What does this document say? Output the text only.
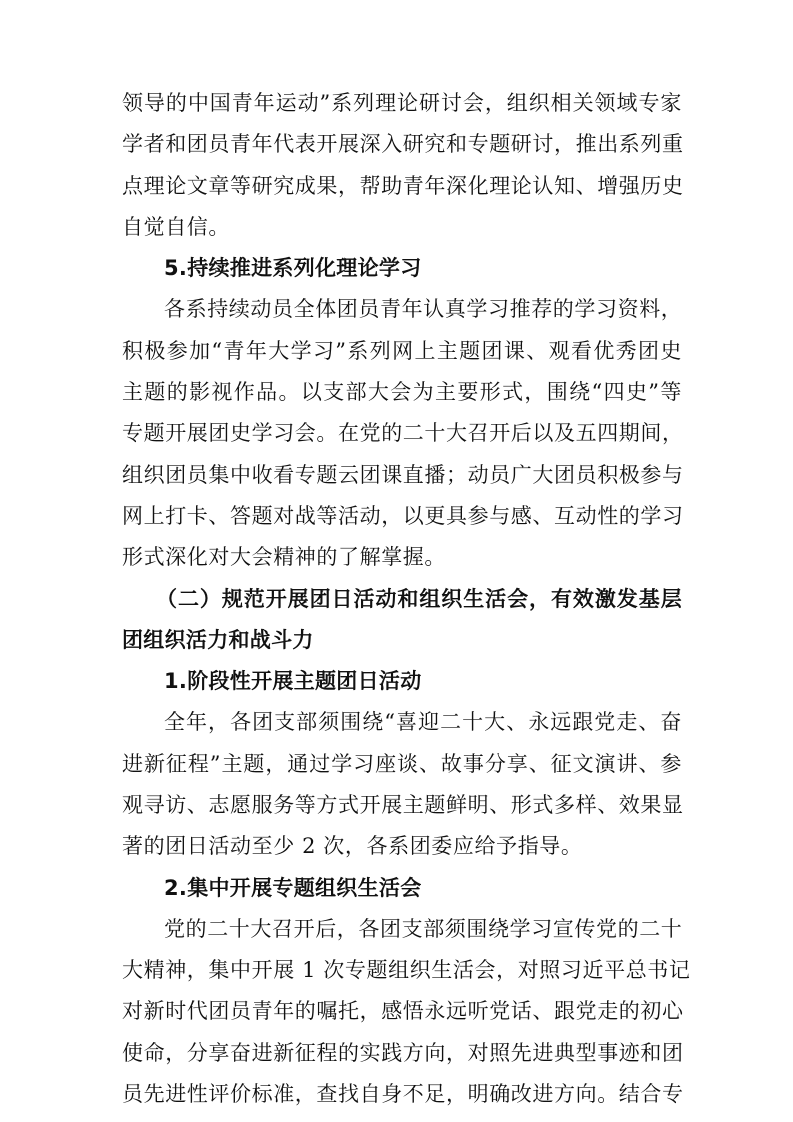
领导的中国青年运动”系列理论研讨会，组织相关领域专家
学者和团员青年代表开展深入研究和专题研讨，推出系列重
点理论文章等研究成果，帮助青年深化理论认知、增强历史
自觉自信。
5.持续推进系列化理论学习
各系持续动员全体团员青年认真学习推荐的学习资料，
积极参加“青年大学习”系列网上主题团课、观看优秀团史
主题的影视作品。以支部大会为主要形式，围绕“四史”等
专题开展团史学习会。在党的二十大召开后以及五四期间，
组织团员集中收看专题云团课直播；动员广大团员积极参与
网上打卡、答题对战等活动，以更具参与感、互动性的学习
形式深化对大会精神的了解掌握。
（二）规范开展团日活动和组织生活会，有效激发基层
团组织活力和战斗力
1.阶段性开展主题团日活动
全年，各团支部须围绕“喜迎二十大、永远跟党走、奋
进新征程”主题，通过学习座谈、故事分享、征文演讲、参
观寻访、志愿服务等方式开展主题鲜明、形式多样、效果显
著的团日活动至少 2 次，各系团委应给予指导。
2.集中开展专题组织生活会
党的二十大召开后，各团支部须围绕学习宣传党的二十
大精神，集中开展 1 次专题组织生活会，对照习近平总书记
对新时代团员青年的嘱托，感悟永远听党话、跟党走的初心
使命，分享奋进新征程的实践方向，对照先进典型事迹和团
员先进性评价标准，查找自身不足，明确改进方向。结合专
